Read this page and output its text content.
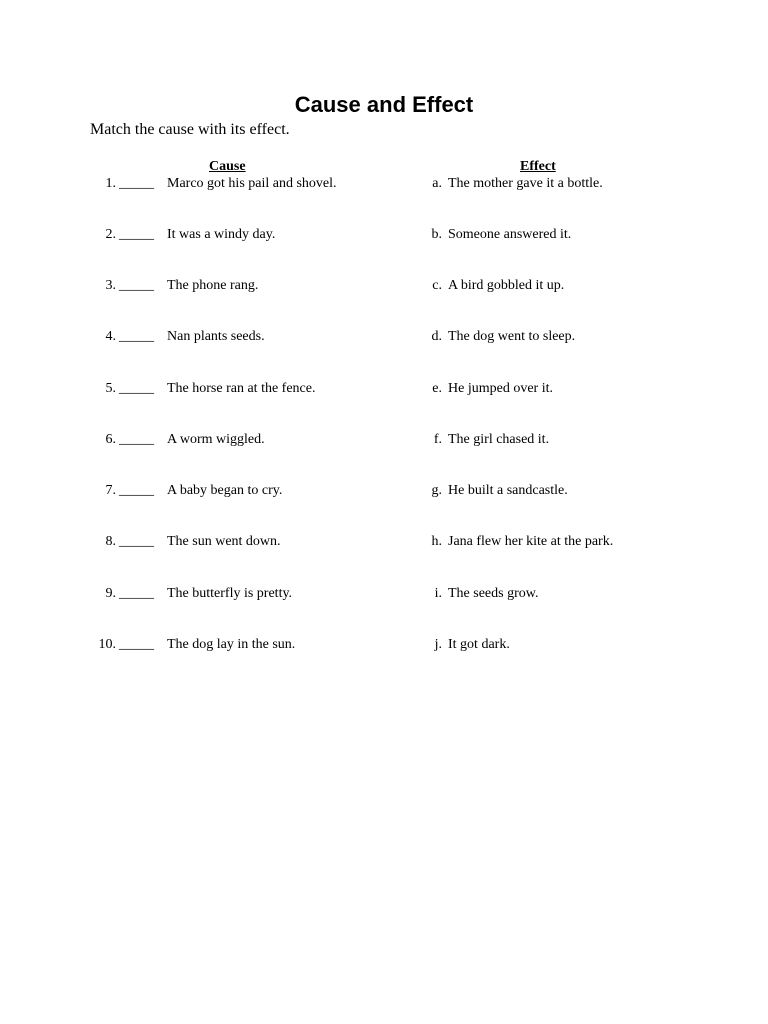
Cause and Effect
Match the cause with its effect.
Cause	Effect
1. _____ Marco got his pail and shovel.	a. The mother gave it a bottle.
2. _____ It was a windy day.	b. Someone answered it.
3. _____ The phone rang.	c. A bird gobbled it up.
4. _____ Nan plants seeds.	d. The dog went to sleep.
5. _____ The horse ran at the fence.	e. He jumped over it.
6. _____ A worm wiggled.	f. The girl chased it.
7. _____ A baby began to cry.	g. He built a sandcastle.
8. _____ The sun went down.	h. Jana flew her kite at the park.
9. _____ The butterfly is pretty.	i. The seeds grow.
10. _____ The dog lay in the sun.	j. It got dark.
